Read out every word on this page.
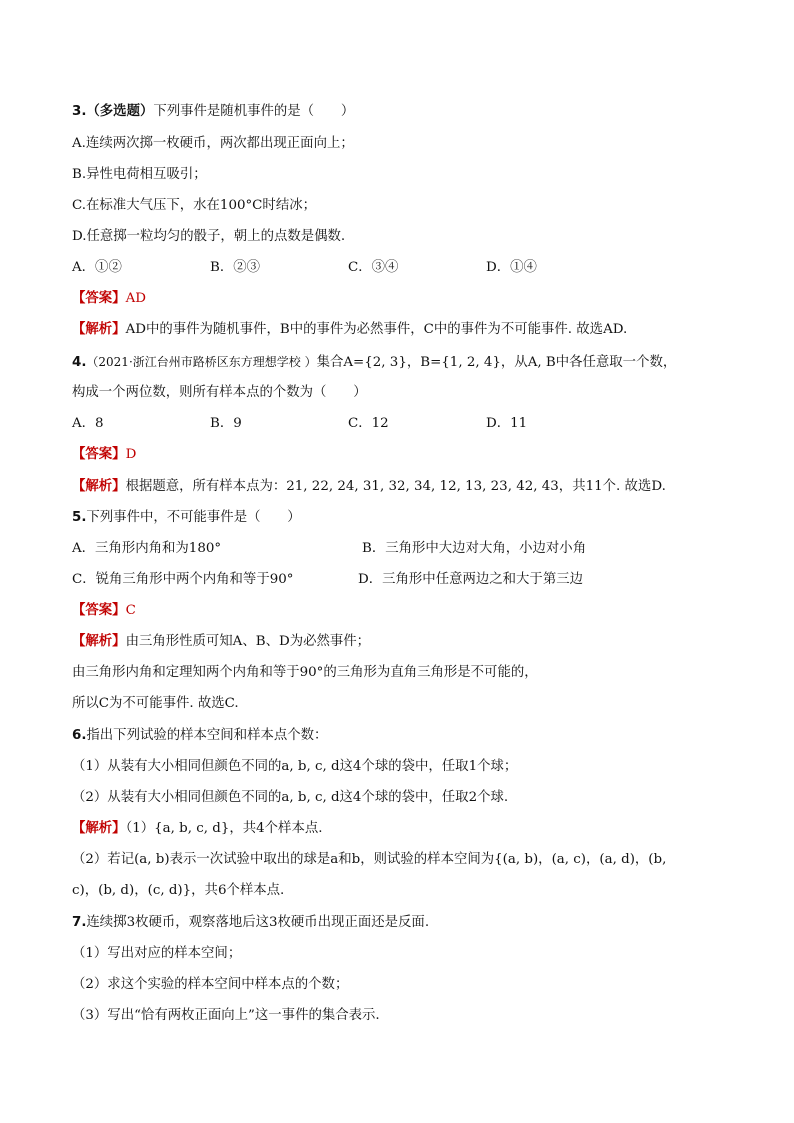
3.（多选题）下列事件是随机事件的是（　　）
A.连续两次掷一枚硬币，两次都出现正面向上；
B.异性电荷相互吸引；
C.在标准大气压下，水在100°C时结冰；
D.任意掷一粒均匀的骰子，朝上的点数是偶数.
A．①②	B．②③	C．③④	D．①④
【答案】AD
【解析】AD中的事件为随机事件，B中的事件为必然事件，C中的事件为不可能事件. 故选AD.
4.（2021·浙江台州市路桥区东方理想学校 ）集合A={2, 3}，B={1, 2, 4}，从A, B中各任意取一个数，
构成一个两位数，则所有样本点的个数为（　　）
A．8	B．9	C．12	D．11
【答案】D
【解析】根据题意，所有样本点为：21, 22, 24, 31, 32, 34, 12, 13, 23, 42, 43，共11个. 故选D.
5.下列事件中，不可能事件是（　　）
A．三角形内角和为180°	B．三角形中大边对大角，小边对小角
C．锐角三角形中两个内角和等于90°	D．三角形中任意两边之和大于第三边
【答案】C
【解析】由三角形性质可知A、B、D为必然事件；
由三角形内角和定理知两个内角和等于90°的三角形为直角三角形是不可能的，
所以C为不可能事件. 故选C.
6.指出下列试验的样本空间和样本点个数：
（1）从装有大小相同但颜色不同的a, b, c, d这4个球的袋中，任取1个球；
（2）从装有大小相同但颜色不同的a, b, c, d这4个球的袋中，任取2个球.
【解析】（1）{a, b, c, d}，共4个样本点.
（2）若记(a, b)表示一次试验中取出的球是a和b，则试验的样本空间为{(a, b)，(a, c)，(a, d)，(b,
c)，(b, d)，(c, d)}，共6个样本点.
7.连续掷3枚硬币，观察落地后这3枚硬币出现正面还是反面.
（1）写出对应的样本空间；
（2）求这个实验的样本空间中样本点的个数；
（3）写出“恰有两枚正面向上”这一事件的集合表示.
